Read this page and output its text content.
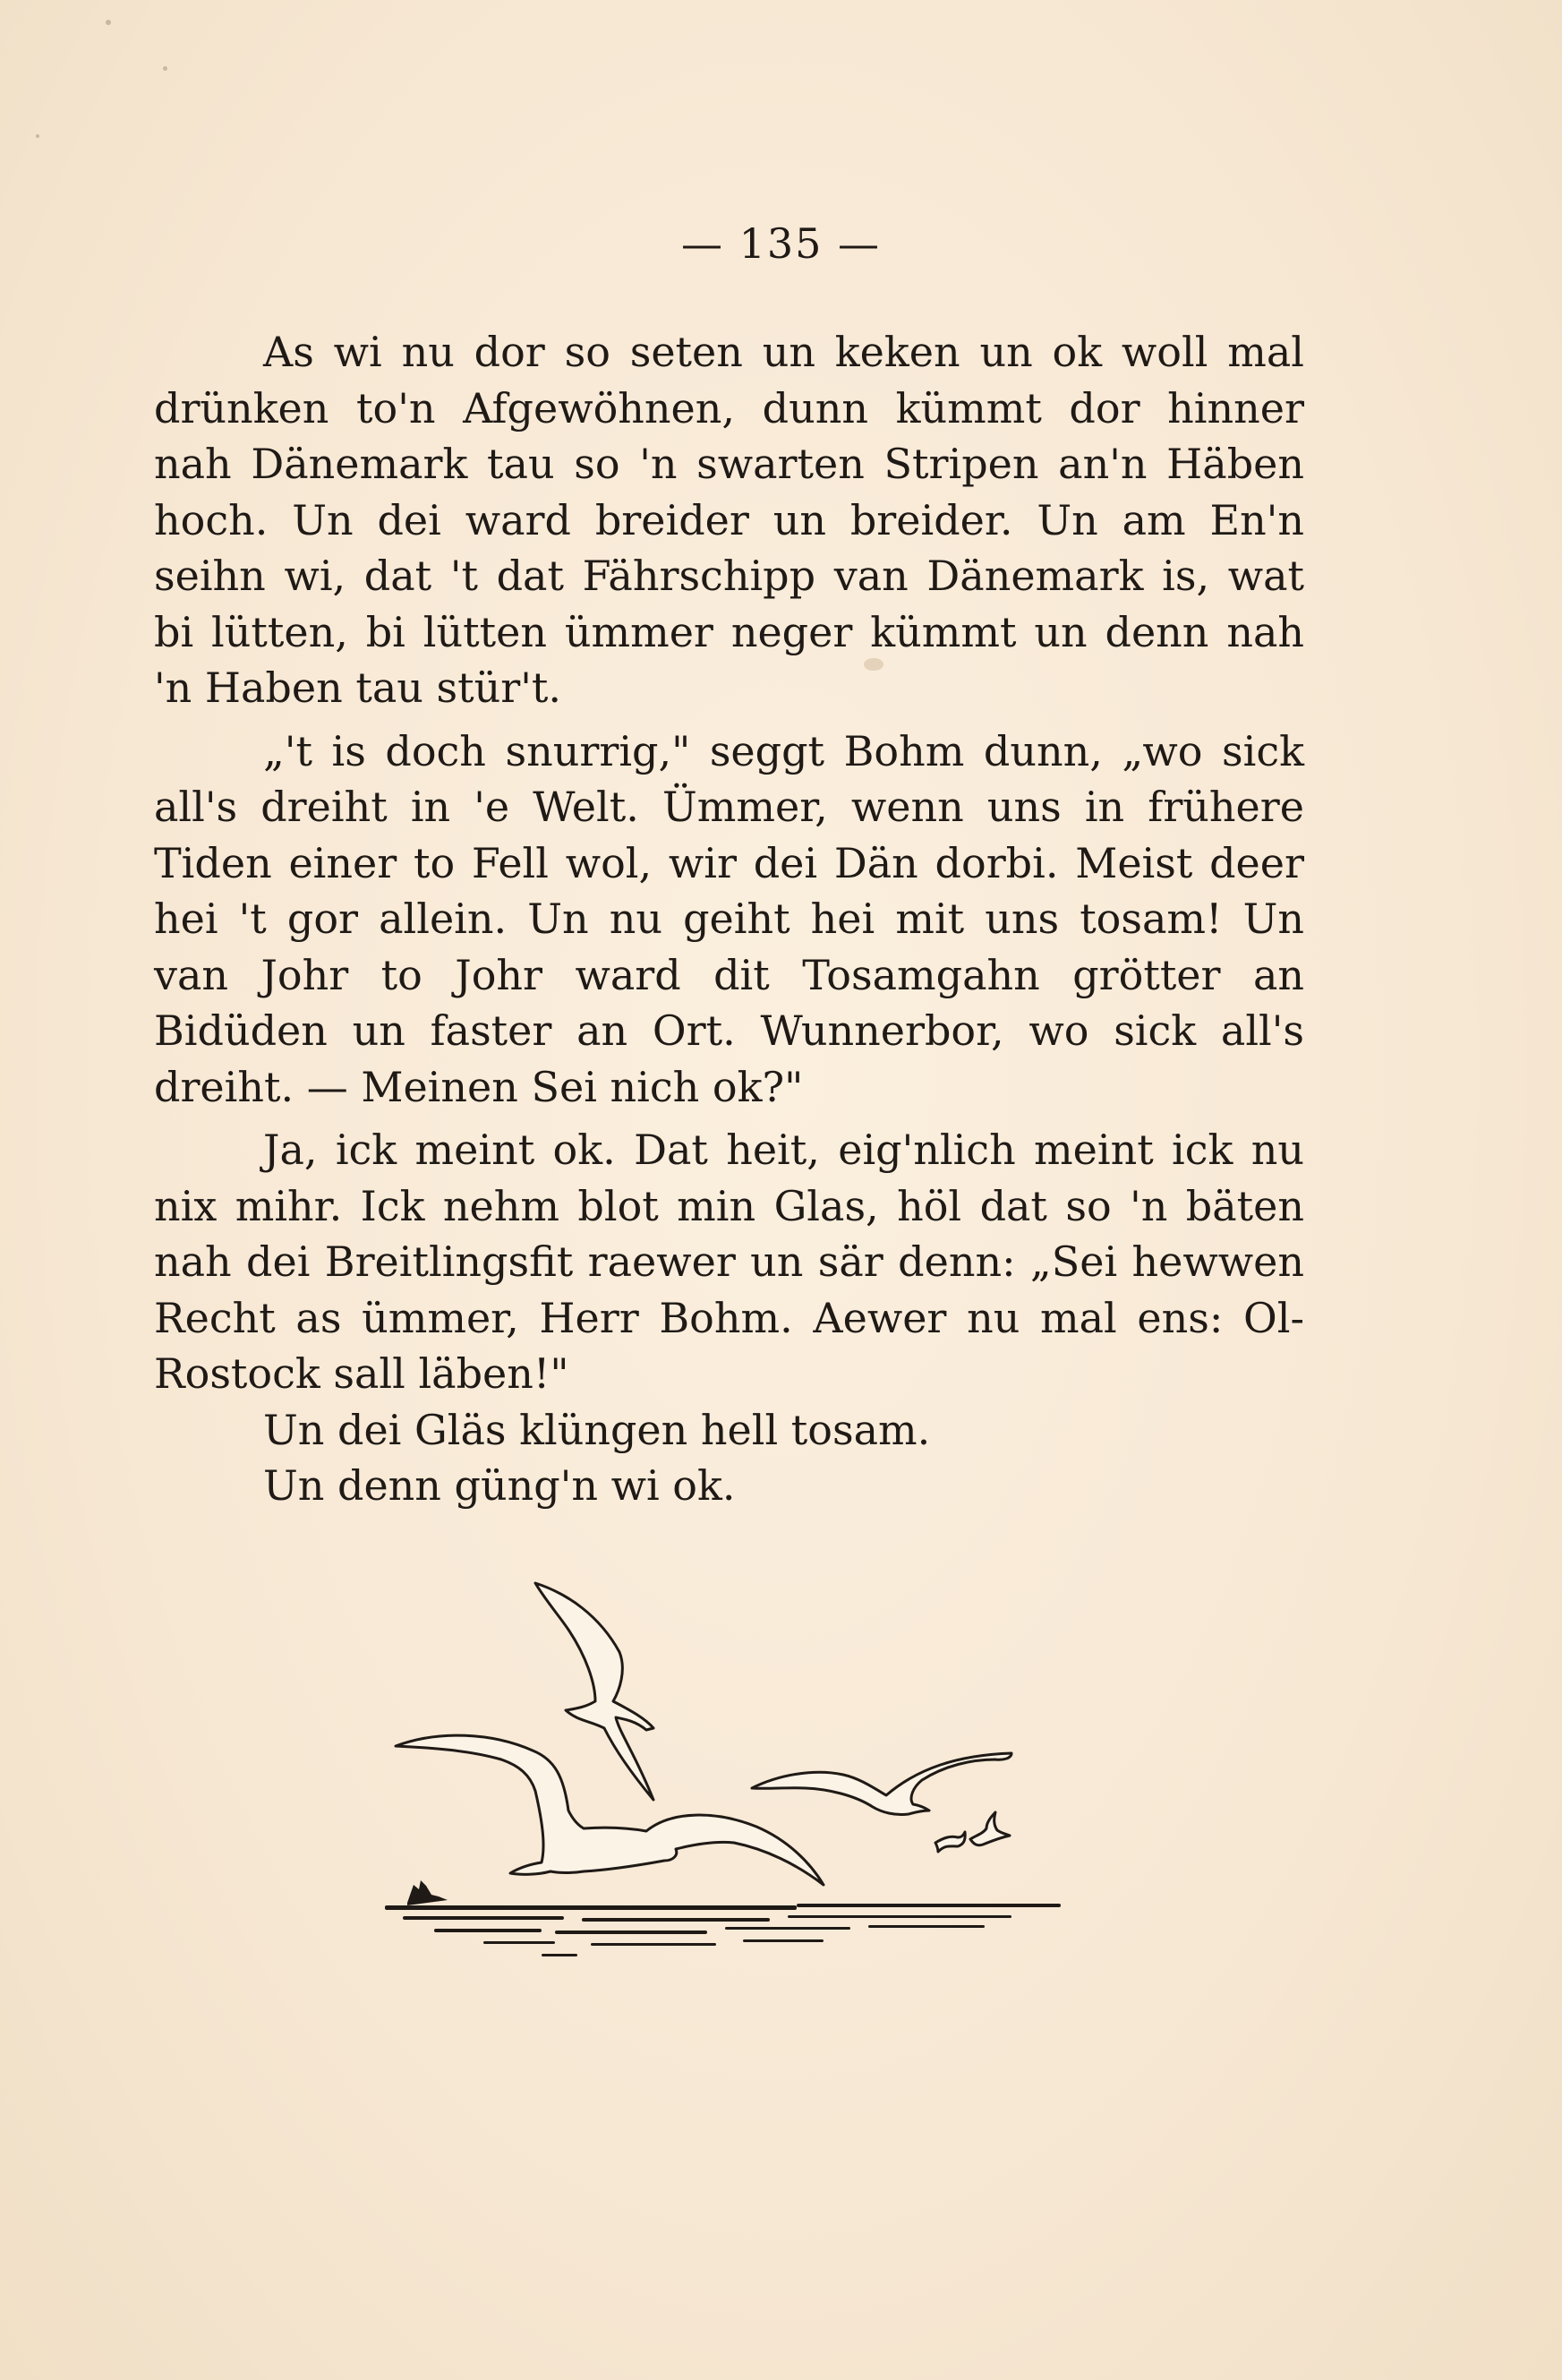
— 135 —

As wi nu dor so seten un keken un ok woll mal drünken to'n Afgewöhnen, dunn kümmt dor hinner nah Dänemark tau so 'n swarten Stripen an'n Häben hoch. Un dei ward breider un breider. Un am En'n seihn wi, dat 't dat Fährschipp van Dänemark is, wat bi lütten, bi lütten ümmer neger kümmt un denn nah 'n Haben tau stür't.

„'t is doch snurrig," seggt Bohm dunn, „wo sick all's dreiht in 'e Welt. Ümmer, wenn uns in frühere Tiden einer to Fell wol, wir dei Dän dorbi. Meist deer hei 't gor allein. Un nu geiht hei mit uns tosam! Un van Johr to Johr ward dit Tosamgahn grötter an Bidüden un faster an Ort. Wunnerbor, wo sick all's dreiht. — Meinen Sei nich ok?"

Ja, ick meint ok. Dat heit, eig'nlich meint ick nu nix mihr. Ick nehm blot min Glas, höl dat so 'n bäten nah dei Breitlingsfit raewer un sär denn: „Sei hewwen Recht as ümmer, Herr Bohm. Aewer nu mal ens: Ol-Rostock sall läben!"

Un dei Gläs klüngen hell tosam.

Un denn güng'n wi ok.
